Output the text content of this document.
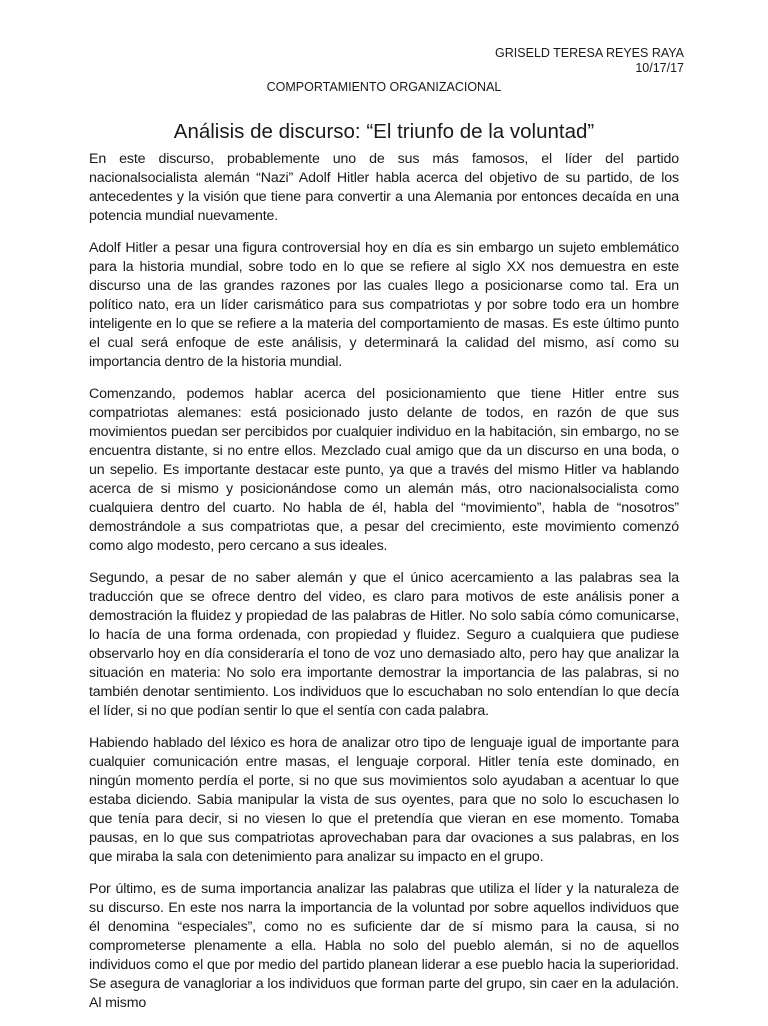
GRISELD TERESA REYES RAYA
10/17/17
COMPORTAMIENTO ORGANIZACIONAL
Análisis de discurso: “El triunfo de la voluntad”

En este discurso, probablemente uno de sus más famosos, el líder del partido nacionalsocialista alemán “Nazi” Adolf Hitler habla acerca del objetivo de su partido, de los antecedentes y la visión que tiene para convertir a una Alemania por entonces decaída en una potencia mundial nuevamente.

Adolf Hitler a pesar una figura controversial hoy en día es sin embargo un sujeto emblemático para la historia mundial, sobre todo en lo que se refiere al siglo XX nos demuestra en este discurso una de las grandes razones por las cuales llego a posicionarse como tal. Era un político nato, era un líder carismático para sus compatriotas y por sobre todo era un hombre inteligente en lo que se refiere a la materia del comportamiento de masas. Es este último punto el cual será enfoque de este análisis, y determinará la calidad del mismo, así como su importancia dentro de la historia mundial.

Comenzando, podemos hablar acerca del posicionamiento que tiene Hitler entre sus compatriotas alemanes: está posicionado justo delante de todos, en razón de que sus movimientos puedan ser percibidos por cualquier individuo en la habitación, sin embargo, no se encuentra distante, si no entre ellos. Mezclado cual amigo que da un discurso en una boda, o un sepelio. Es importante destacar este punto, ya que a través del mismo Hitler va hablando acerca de si mismo y posicionándose como un alemán más, otro nacionalsocialista como cualquiera dentro del cuarto. No habla de él, habla del “movimiento”, habla de “nosotros” demostrándole a sus compatriotas que, a pesar del crecimiento, este movimiento comenzó como algo modesto, pero cercano a sus ideales.

Segundo, a pesar de no saber alemán y que el único acercamiento a las palabras sea la traducción que se ofrece dentro del video, es claro para motivos de este análisis poner a demostración la fluidez y propiedad de las palabras de Hitler. No solo sabía cómo comunicarse, lo hacía de una forma ordenada, con propiedad y fluidez. Seguro a cualquiera que pudiese observarlo hoy en día consideraría el tono de voz uno demasiado alto, pero hay que analizar la situación en materia: No solo era importante demostrar la importancia de las palabras, si no también denotar sentimiento. Los individuos que lo escuchaban no solo entendían lo que decía el líder, si no que podían sentir lo que el sentía con cada palabra.

Habiendo hablado del léxico es hora de analizar otro tipo de lenguaje igual de importante para cualquier comunicación entre masas, el lenguaje corporal. Hitler tenía este dominado, en ningún momento perdía el porte, si no que sus movimientos solo ayudaban a acentuar lo que estaba diciendo. Sabia manipular la vista de sus oyentes, para que no solo lo escuchasen lo que tenía para decir, si no viesen lo que el pretendía que vieran en ese momento. Tomaba pausas, en lo que sus compatriotas aprovechaban para dar ovaciones a sus palabras, en los que miraba la sala con detenimiento para analizar su impacto en el grupo.

Por último, es de suma importancia analizar las palabras que utiliza el líder y la naturaleza de su discurso. En este nos narra la importancia de la voluntad por sobre aquellos individuos que él denomina “especiales”, como no es suficiente dar de sí mismo para la causa, si no comprometerse plenamente a ella. Habla no solo del pueblo alemán, si no de aquellos individuos como el que por medio del partido planean liderar a ese pueblo hacia la superioridad. Se asegura de vanagloriar a los individuos que forman parte del grupo, sin caer en la adulación. Al mismo
